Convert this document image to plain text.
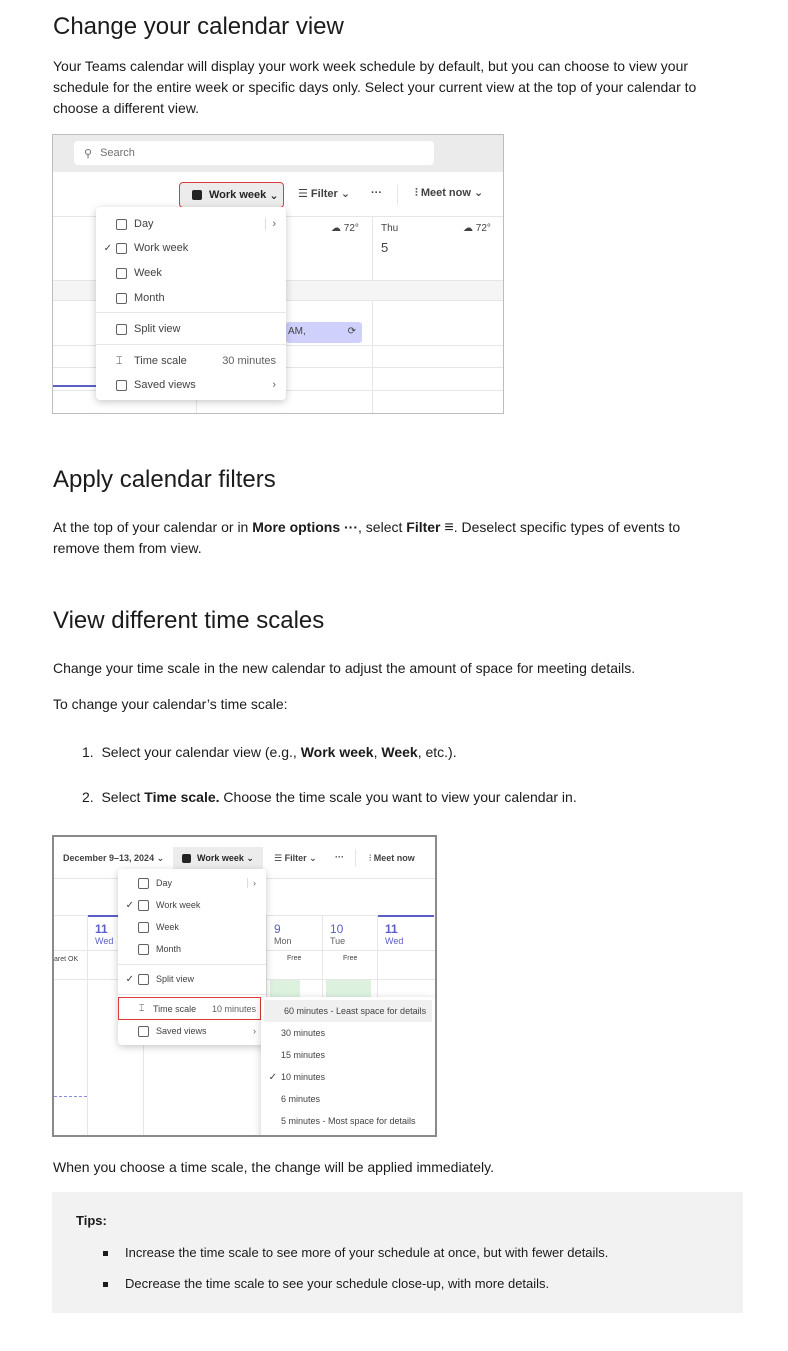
Change your calendar view
Your Teams calendar will display your work week schedule by default, but you can choose to view your
schedule for the entire week or specific days only. Select your current view at the top of your calendar to
choose a different view.
⚲ Search
Work week ⌄	☰ Filter ⌄ ···	⫶ Meet now ⌄
☁ 72°	☁ 72°
Thu
5
AM,	⟳
Day	›
✓	Work week
Week
Month
Split view
⌶	Time scale	30 minutes
Saved views	›
Apply calendar filters
At the top of your calendar or in More options ···, select Filter ≡. Deselect specific types of events to
remove them from view.
View different time scales
Change your time scale in the new calendar to adjust the amount of space for meeting details.
To change your calendar’s time scale:
1. Select your calendar view (e.g., Work week, Week, etc.).
2. Select Time scale. Choose the time scale you want to view your calendar in.
December 9–13, 2024 ⌄	Work week ⌄	☰ Filter ⌄ ···	⫶ Meet now
11
Wed
9
Mon
10
Tue
11
Wed
aret OK	Free	Free
Day	›
✓	Work week
Week
Month
✓	Split view
⌶ Time scale 10 minutes
Saved views	›
60 minutes - Least space for details
30 minutes
15 minutes
✓ 10 minutes
6 minutes
5 minutes - Most space for details
When you choose a time scale, the change will be applied immediately.
Tips:
Increase the time scale to see more of your schedule at once, but with fewer details.
Decrease the time scale to see your schedule close-up, with more details.
